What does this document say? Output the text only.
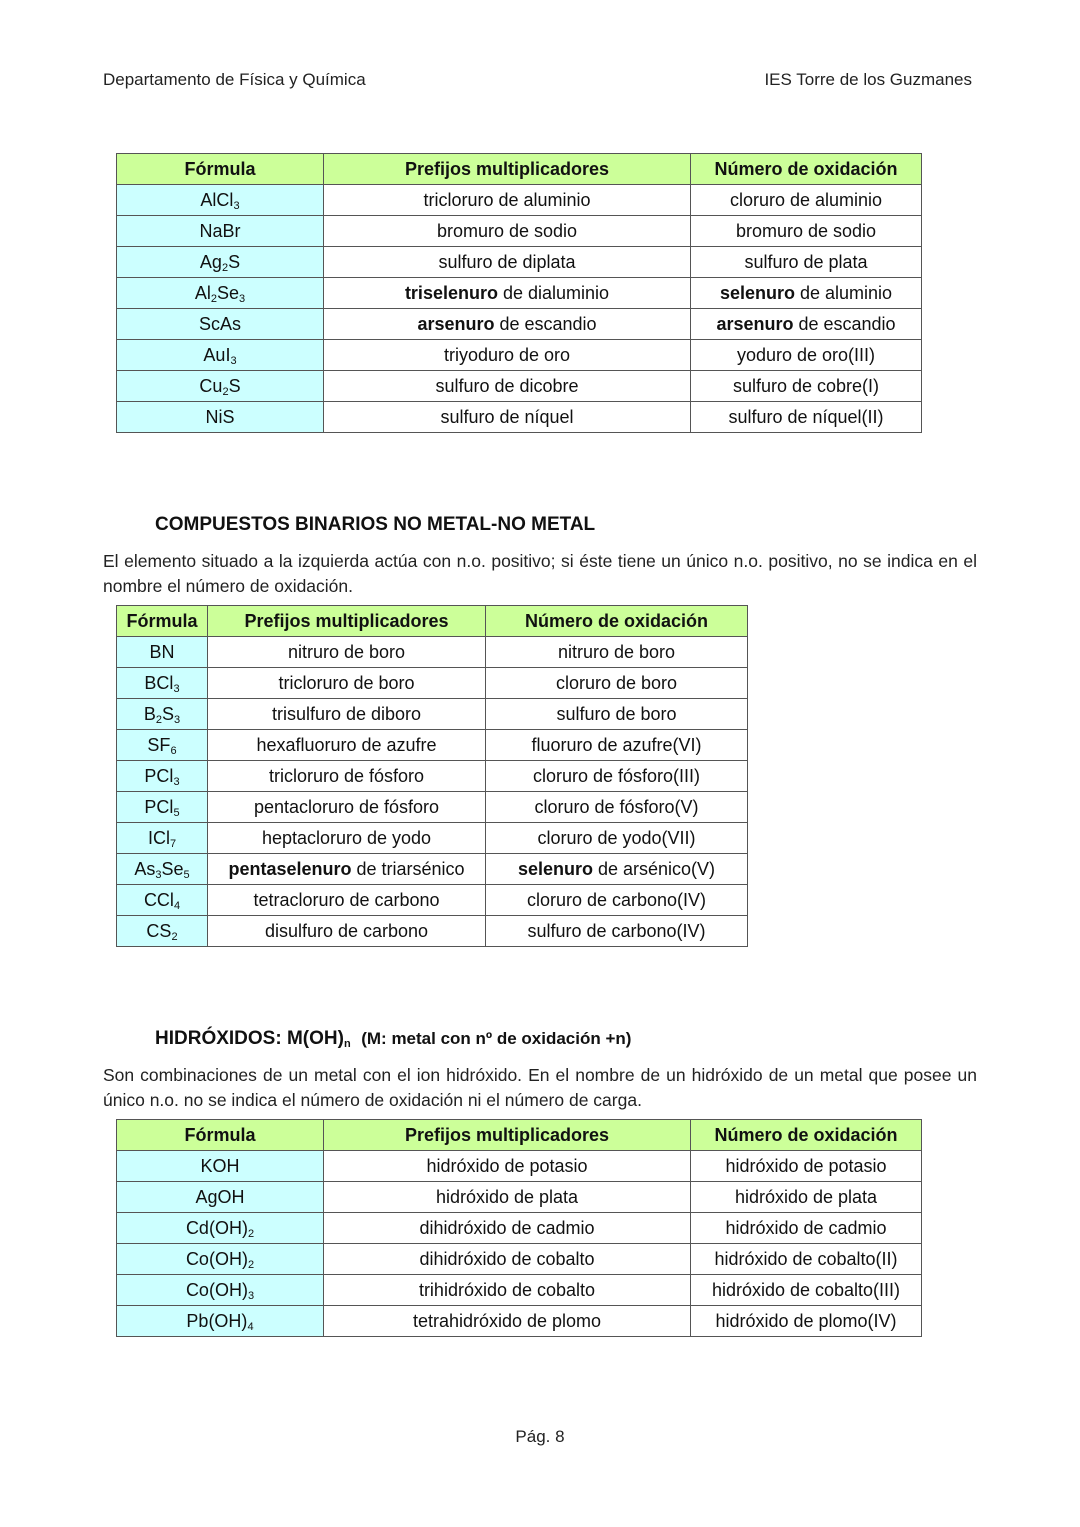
Departamento de Física y Química	IES Torre de los Guzmanes
Fórmula	Prefijos multiplicadores	Número de oxidación
AlCl$_3$	tricloruro de aluminio	cloruro de aluminio
NaBr	bromuro de sodio	bromuro de sodio
$Ag_2S$	sulfuro de diplata	sulfuro de plata
$Al_2Se_3$	triselenuro de dialuminio	selenuro de aluminio
ScAs	arsenuro de escandio	arsenuro de escandio
AuI$_3$	triyoduro de oro	yoduro de oro(III)
$Cu_2S$	sulfuro de dicobre	sulfuro de cobre(I)
NiS	sulfuro de níquel	sulfuro de níquel(II)
COMPUESTOS BINARIOS NO METAL-NO METAL
El elemento situado a la izquierda actúa con n.o. positivo; si éste tiene un único n.o. positivo, no se indica en el nombre el número de oxidación.
Fórmula	Prefijos multiplicadores	Número de oxidación
BN	nitruro de boro	nitruro de boro
BCl$_3$	tricloruro de boro	cloruro de boro
$B_2S_3$	trisulfuro de diboro	sulfuro de boro
$SF_6$	hexafluoruro de azufre	fluoruro de azufre(VI)
PCl$_3$	tricloruro de fósforo	cloruro de fósforo(III)
PCl$_5$	pentacloruro de fósforo	cloruro de fósforo(V)
ICl$_7$	heptacloruro de yodo	cloruro de yodo(VII)
$As_3Se_5$	pentaselenuro de triarsénico	selenuro de arsénico(V)
CCl$_4$	tetracloruro de carbono	cloruro de carbono(IV)
$CS_2$	disulfuro de carbono	sulfuro de carbono(IV)
HIDRÓXIDOS: $M(OH)_n$ (M: metal con nº de oxidación +n)
Son combinaciones de un metal con el ion hidróxido. En el nombre de un hidróxido de un metal que posee un único n.o. no se indica el número de oxidación ni el número de carga.
Fórmula	Prefijos multiplicadores	Número de oxidación
KOH	hidróxido de potasio	hidróxido de potasio
AgOH	hidróxido de plata	hidróxido de plata
$Cd(OH)_2$	dihidróxido de cadmio	hidróxido de cadmio
$Co(OH)_2$	dihidróxido de cobalto	hidróxido de cobalto(II)
$Co(OH)_3$	trihidróxido de cobalto	hidróxido de cobalto(III)
$Pb(OH)_4$	tetrahidróxido de plomo	hidróxido de plomo(IV)
Pág. 8
